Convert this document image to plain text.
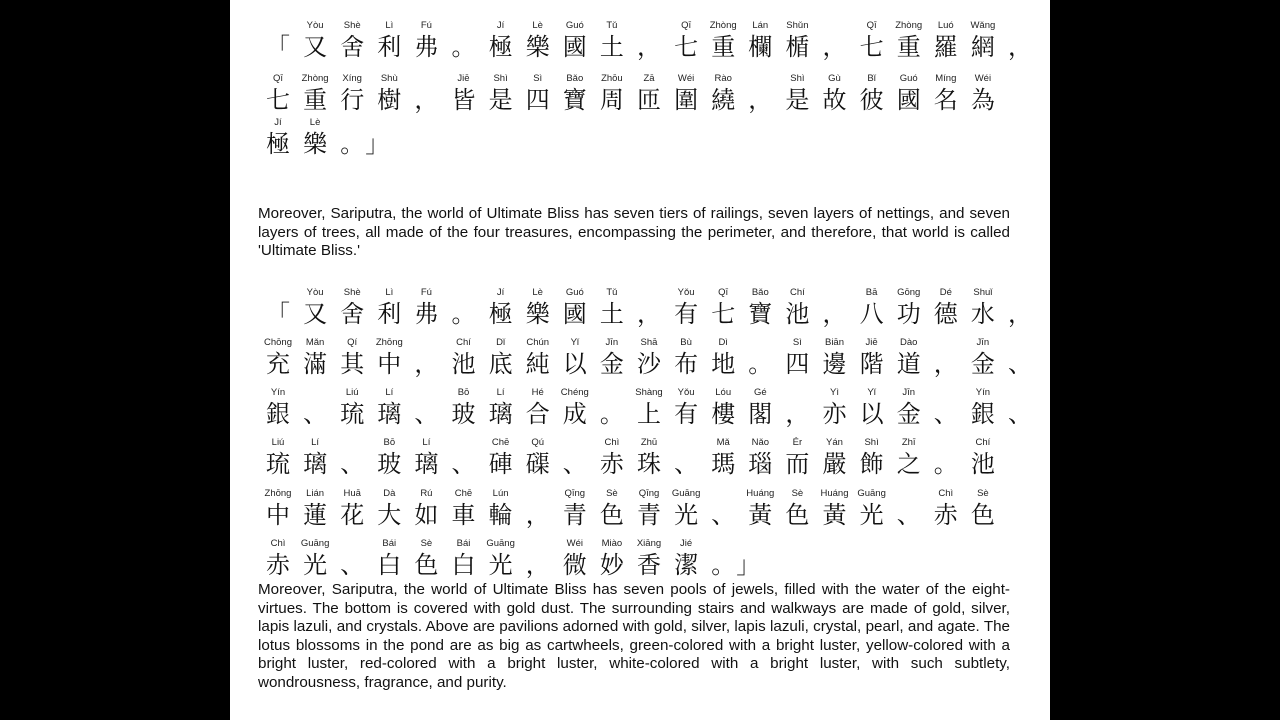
Yòu	Shè	Lì	Fú	Jí	Lè	Guó	Tǔ	Qī	Zhòng	Lán	Shǔn	Qī	Zhòng	Luó	Wǎng
「又舍利弗。極樂國土，七重欄楯，七重羅網，
Qī	Zhòng	Xíng	Shù	Jiē	Shì	Sì	Bǎo	Zhōu	Zā	Wéi	Rào	Shì	Gù	Bǐ	Guó	Míng	Wéi
七重行樹，皆是四寶周匝圍繞，是故彼國名為
Jí	Lè
極樂。」

Moreover, Sariputra, the world of Ultimate Bliss has seven tiers of railings, seven layers of nettings, and seven layers of trees, all made of the four treasures, encompassing the perimeter, and therefore, that world is called 'Ultimate Bliss.'

Yòu	Shè	Lì	Fú	Jí	Lè	Guó	Tǔ	Yǒu	Qī	Bǎo	Chí	Bā	Gōng	Dé	Shuǐ
「又舍利弗。極樂國土，有七寶池，八功德水，
Chōng	Mǎn	Qí	Zhōng	Chí	Dǐ	Chún	Yǐ	Jīn	Shā	Bù	Dì	Sì	Biān	Jiē	Dào	Jīn
充滿其中，池底純以金沙布地。四邊階道，金、
Yín	Liú	Lí	Bō	Lí	Hé	Chéng	Shàng	Yǒu	Lóu	Gé	Yì	Yǐ	Jīn	Yín
銀、琉璃、玻璃合成。上有樓閣，亦以金、銀、
Liú	Lí	Bō	Lí	Chē	Qú	Chì	Zhū	Mǎ	Nǎo	Ér	Yán	Shì	Zhī	Chí
琉璃、玻璃、硨磲、赤珠、瑪瑙而嚴飾之。池
Zhōng	Lián	Huā	Dà	Rú	Chē	Lún	Qīng	Sè	Qīng	Guāng	Huáng	Sè	Huáng Guāng	Chì	Sè
中蓮花大如車輪，青色青光、黃色黃光、赤色
Chì	Guāng	Bái	Sè	Bái	Guāng	Wéi	Miào	Xiāng	Jié
赤光、白色白光，微妙香潔。」

Moreover, Sariputra, the world of Ultimate Bliss has seven pools of jewels, filled with the water of the eight-virtues. The bottom is covered with gold dust. The surrounding stairs and walkways are made of gold, silver, lapis lazuli, and crystals. Above are pavilions adorned with gold, silver, lapis lazuli, crystal, pearl, and agate. The lotus blossoms in the pond are as big as cartwheels, green-colored with a bright luster, yellow-colored with a bright luster, red-colored with a bright luster, white-colored with a bright luster, with such subtlety, wondrousness, fragrance, and purity.
